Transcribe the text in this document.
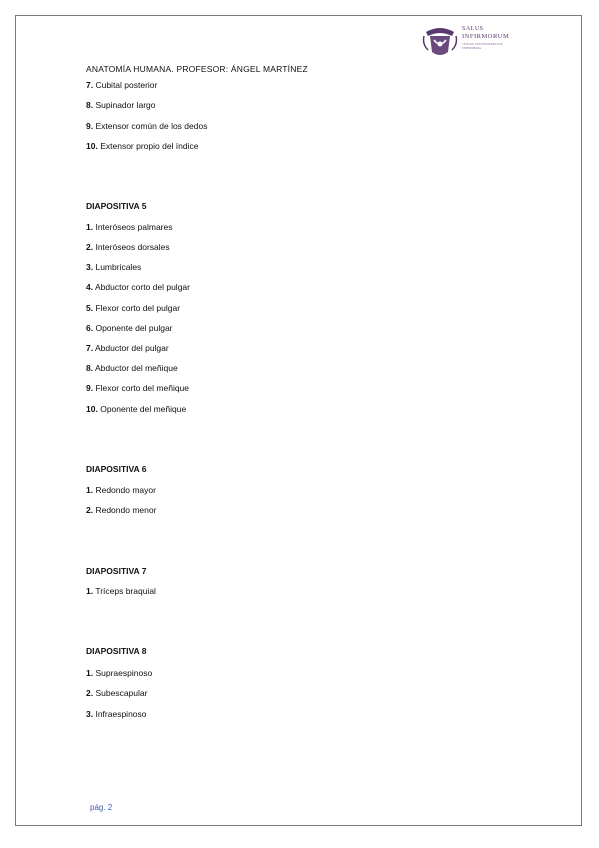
SALUS
INFIRMORUM
CENTRO UNIVERSITARIO DE ENFERMERÍA
ANATOMÍA HUMANA. PROFESOR: ÁNGEL MARTÍNEZ
7. Cubital posterior
8. Supinador largo
9. Extensor común de los dedos
10. Extensor propio del índice
DIAPOSITIVA 5
1. Interóseos palmares
2. Interóseos dorsales
3. Lumbricales
4. Abductor corto del pulgar
5. Flexor corto del pulgar
6. Oponente del pulgar
7. Abductor del pulgar
8. Abductor del meñique
9. Flexor corto del meñique
10. Oponente del meñique
DIAPOSITIVA 6
1. Redondo mayor
2. Redondo menor
DIAPOSITIVA 7
1. Tríceps braquial
DIAPOSITIVA 8
1. Supraespinoso
2. Subescapular
3. Infraespinoso
pág. 2
